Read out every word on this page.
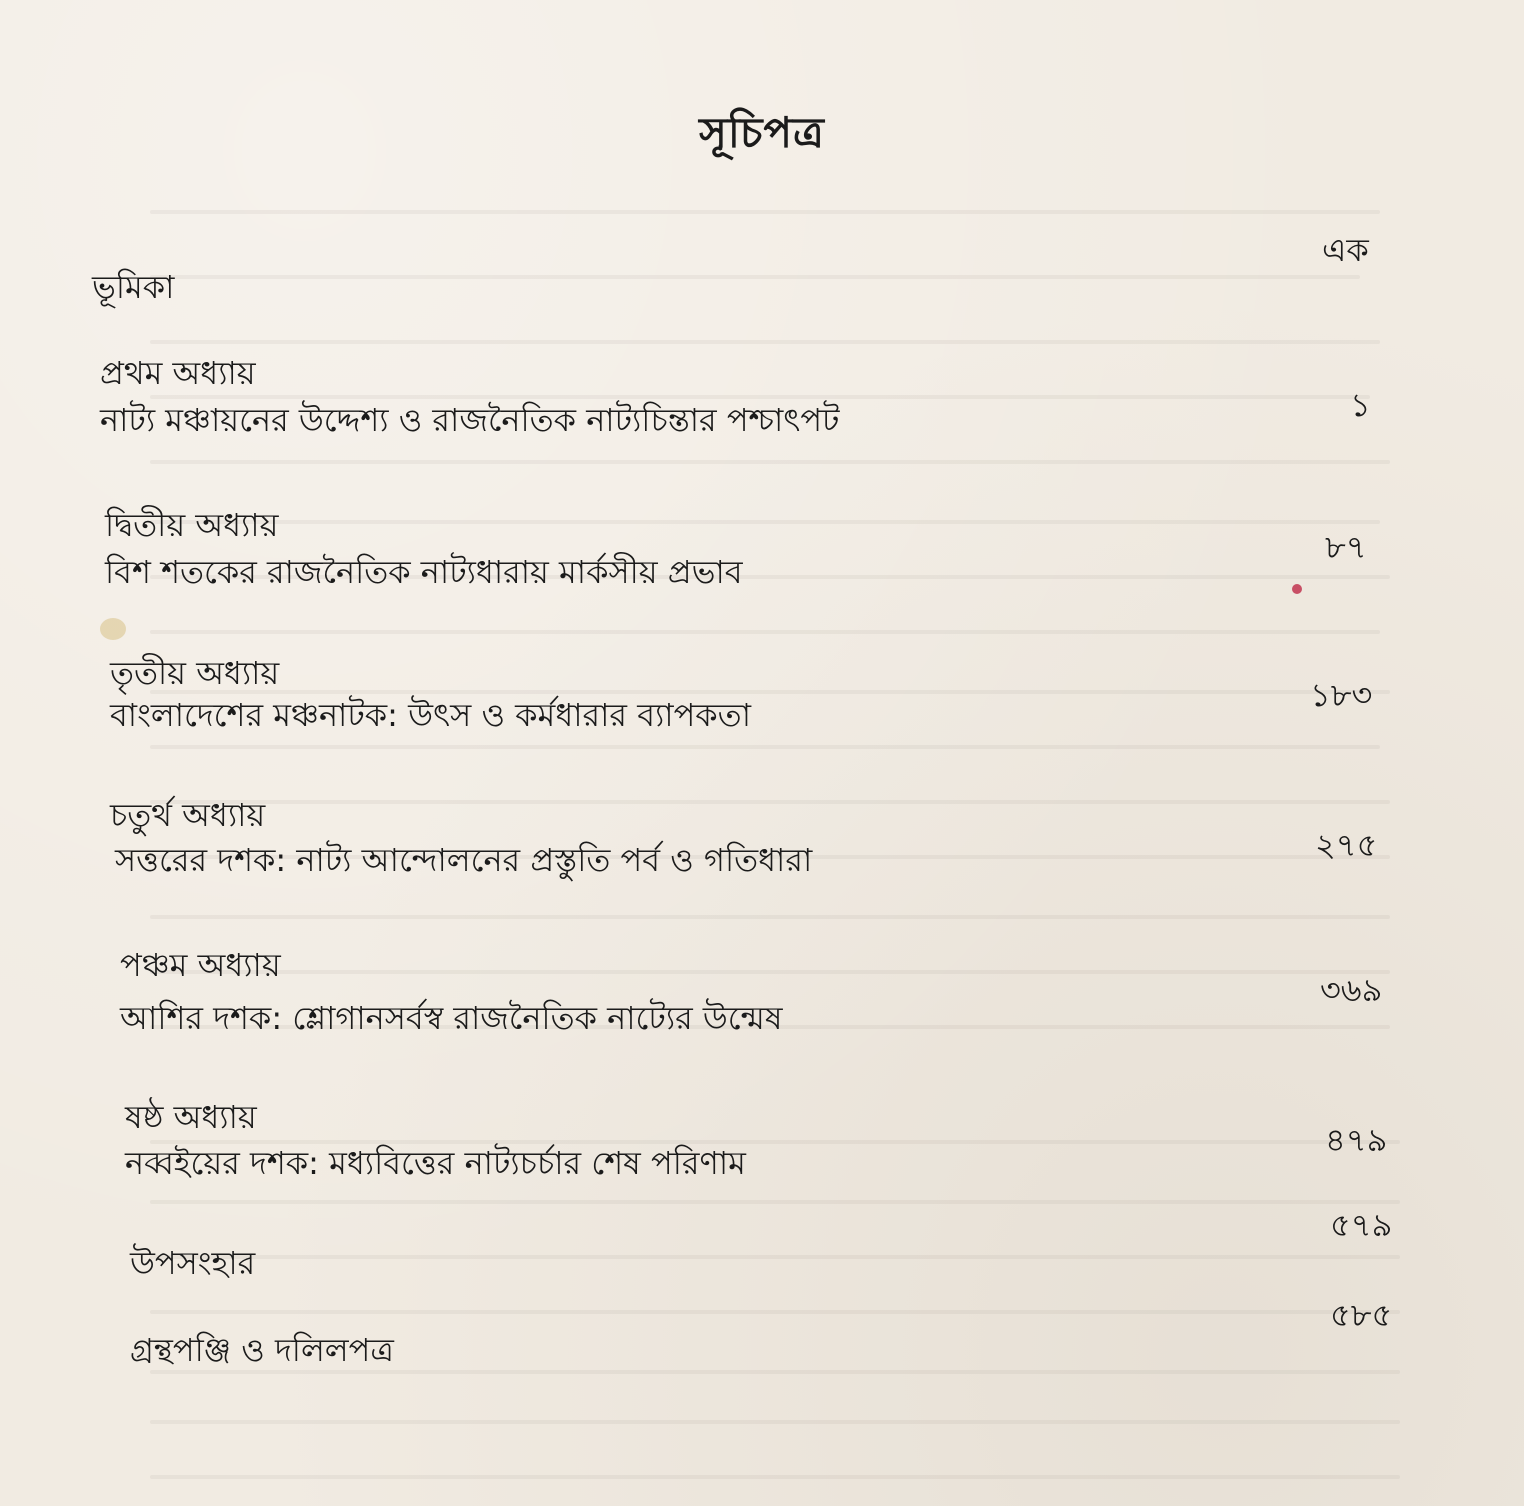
সূচিপত্র
ভূমিকা
এক
প্রথম অধ্যায়
নাট্য মঞ্চায়নের উদ্দেশ্য ও রাজনৈতিক নাট্যচিন্তার পশ্চাৎপট	১
দ্বিতীয় অধ্যায়
বিশ শতকের রাজনৈতিক নাট্যধারায় মার্কসীয় প্রভাব
৮৭
তৃতীয় অধ্যায়
বাংলাদেশের মঞ্চনাটক: উৎস ও কর্মধারার ব্যাপকতা
১৮৩
চতুর্থ অধ্যায়
সত্তরের দশক: নাট্য আন্দোলনের প্রস্তুতি পর্ব ও গতিধারা	২৭৫
পঞ্চম অধ্যায়
আশির দশক: শ্লোগানসর্বস্ব রাজনৈতিক নাট্যের উন্মেষ
৩৬৯
ষষ্ঠ অধ্যায়
নব্বইয়ের দশক: মধ্যবিত্তের নাট্যচর্চার শেষ পরিণাম
৪৭৯
উপসংহার
৫৭৯
গ্রন্থপঞ্জি ও দলিলপত্র
৫৮৫
